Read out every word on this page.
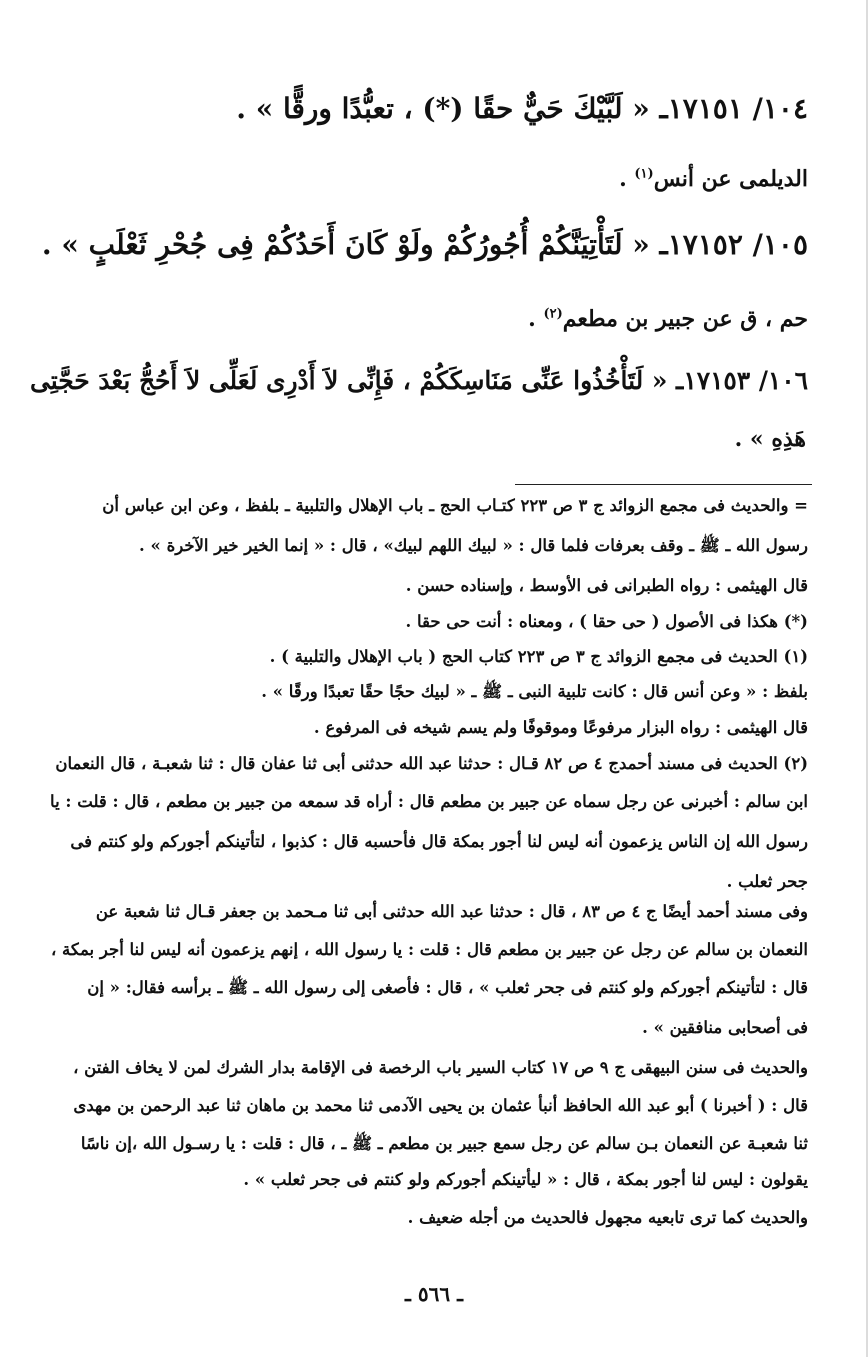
١٠٤/ ١٧١٥١ـ « لَبَّيْكَ حَيٌّ حقًا (*) ، تعبُّدًا ورقًّا » .
الديلمى عن أنس$^{(١)}$ .
١٠٥/ ١٧١٥٢ـ « لَتَأْتِيَنَّكُمْ أُجُورُكُمْ ولَوْ كَانَ أَحَدُكُمْ فِى جُحْرِ ثَعْلَبٍ » .
حم ، ق عن جبير بن مطعم$^{(٢)}$ .
١٠٦/ ١٧١٥٣ـ « لَتَأْخُذُوا عَنِّى مَنَاسِكَكُمْ ، فَإِنِّى لاَ أَدْرِى لَعَلِّى لاَ أَحُجُّ بَعْدَ حَجَّتِى
هَذِهِ » .
= والحديث فى مجمع الزوائد ج ٣ ص ٢٢٣ كتـاب الحج ـ باب الإهلال والتلبية ـ بلفظ ، وعن ابن عباس أن
رسول الله ـ ﷺ ـ وقف بعرفات فلما قال : « لبيك اللهم لبيك» ، قال : « إنما الخير خير الآخرة » .
قال الهيثمى : رواه الطبرانى فى الأوسط ، وإسناده حسن .
(*) هكذا فى الأصول ( حى حقا ) ، ومعناه : أنت حى حقا .
(١) الحديث فى مجمع الزوائد ج ٣ ص ٢٢٣ كتاب الحج ( باب الإهلال والتلبية ) .
بلفظ : « وعن أنس قال : كانت تلبية النبى ـ ﷺ ـ « لبيك حجًا حقًا تعبدًا ورقًا » .
قال الهيثمى : رواه البزار مرفوعًا وموقوفًا ولم يسم شيخه فى المرفوع .
(٢) الحديث فى مسند أحمدج ٤ ص ٨٢ قـال : حدثنا عبد الله حدثنى أبى ثنا عفان قال : ثنا شعبـة ، قال النعمان
ابن سالم : أخبرنى عن رجل سماه عن جبير بن مطعم قال : أراه قد سمعه من جبير بن مطعم ، قال : قلت : يا
رسول الله إن الناس يزعمون أنه ليس لنا أجور بمكة قال فأحسبه قال : كذبوا ، لتأتينكم أجوركم ولو كنتم فى
جحر ثعلب .
وفى مسند أحمد أيضًا ج ٤ ص ٨٣ ، قال : حدثنا عبد الله حدثنى أبى ثنا مـحمد بن جعفر قـال ثنا شعبة عن
النعمان بن سالم عن رجل عن جبير بن مطعم قال : قلت : يا رسول الله ، إنهم يزعمون أنه ليس لنا أجر بمكة ،
قال : لتأتينكم أجوركم ولو كنتم فى جحر ثعلب » ، قال : فأصغى إلى رسول الله ـ ﷺ ـ برأسه فقال: « إن
فى أصحابى منافقين » .
والحديث فى سنن البيهقى ج ٩ ص ١٧ كتاب السير باب الرخصة فى الإقامة بدار الشرك لمن لا يخاف الفتن ،
قال : ( أخبرنا ) أبو عبد الله الحافظ أنبأ عثمان بن يحيى الآدمى ثنا محمد بن ماهان ثنا عبد الرحمن بن مهدى
ثنا شعبـة عن النعمان بـن سالم عن رجل سمع جبير بن مطعم ـ ﷺ ـ ، قال : قلت : يا رسـول الله ،إن ناسًا
يقولون : ليس لنا أجور بمكة ، قال : « ليأتينكم أجوركم ولو كنتم فى جحر ثعلب » .
والحديث كما ترى تابعيه مجهول فالحديث من أجله ضعيف .
ـ ٥٦٦ ـ
